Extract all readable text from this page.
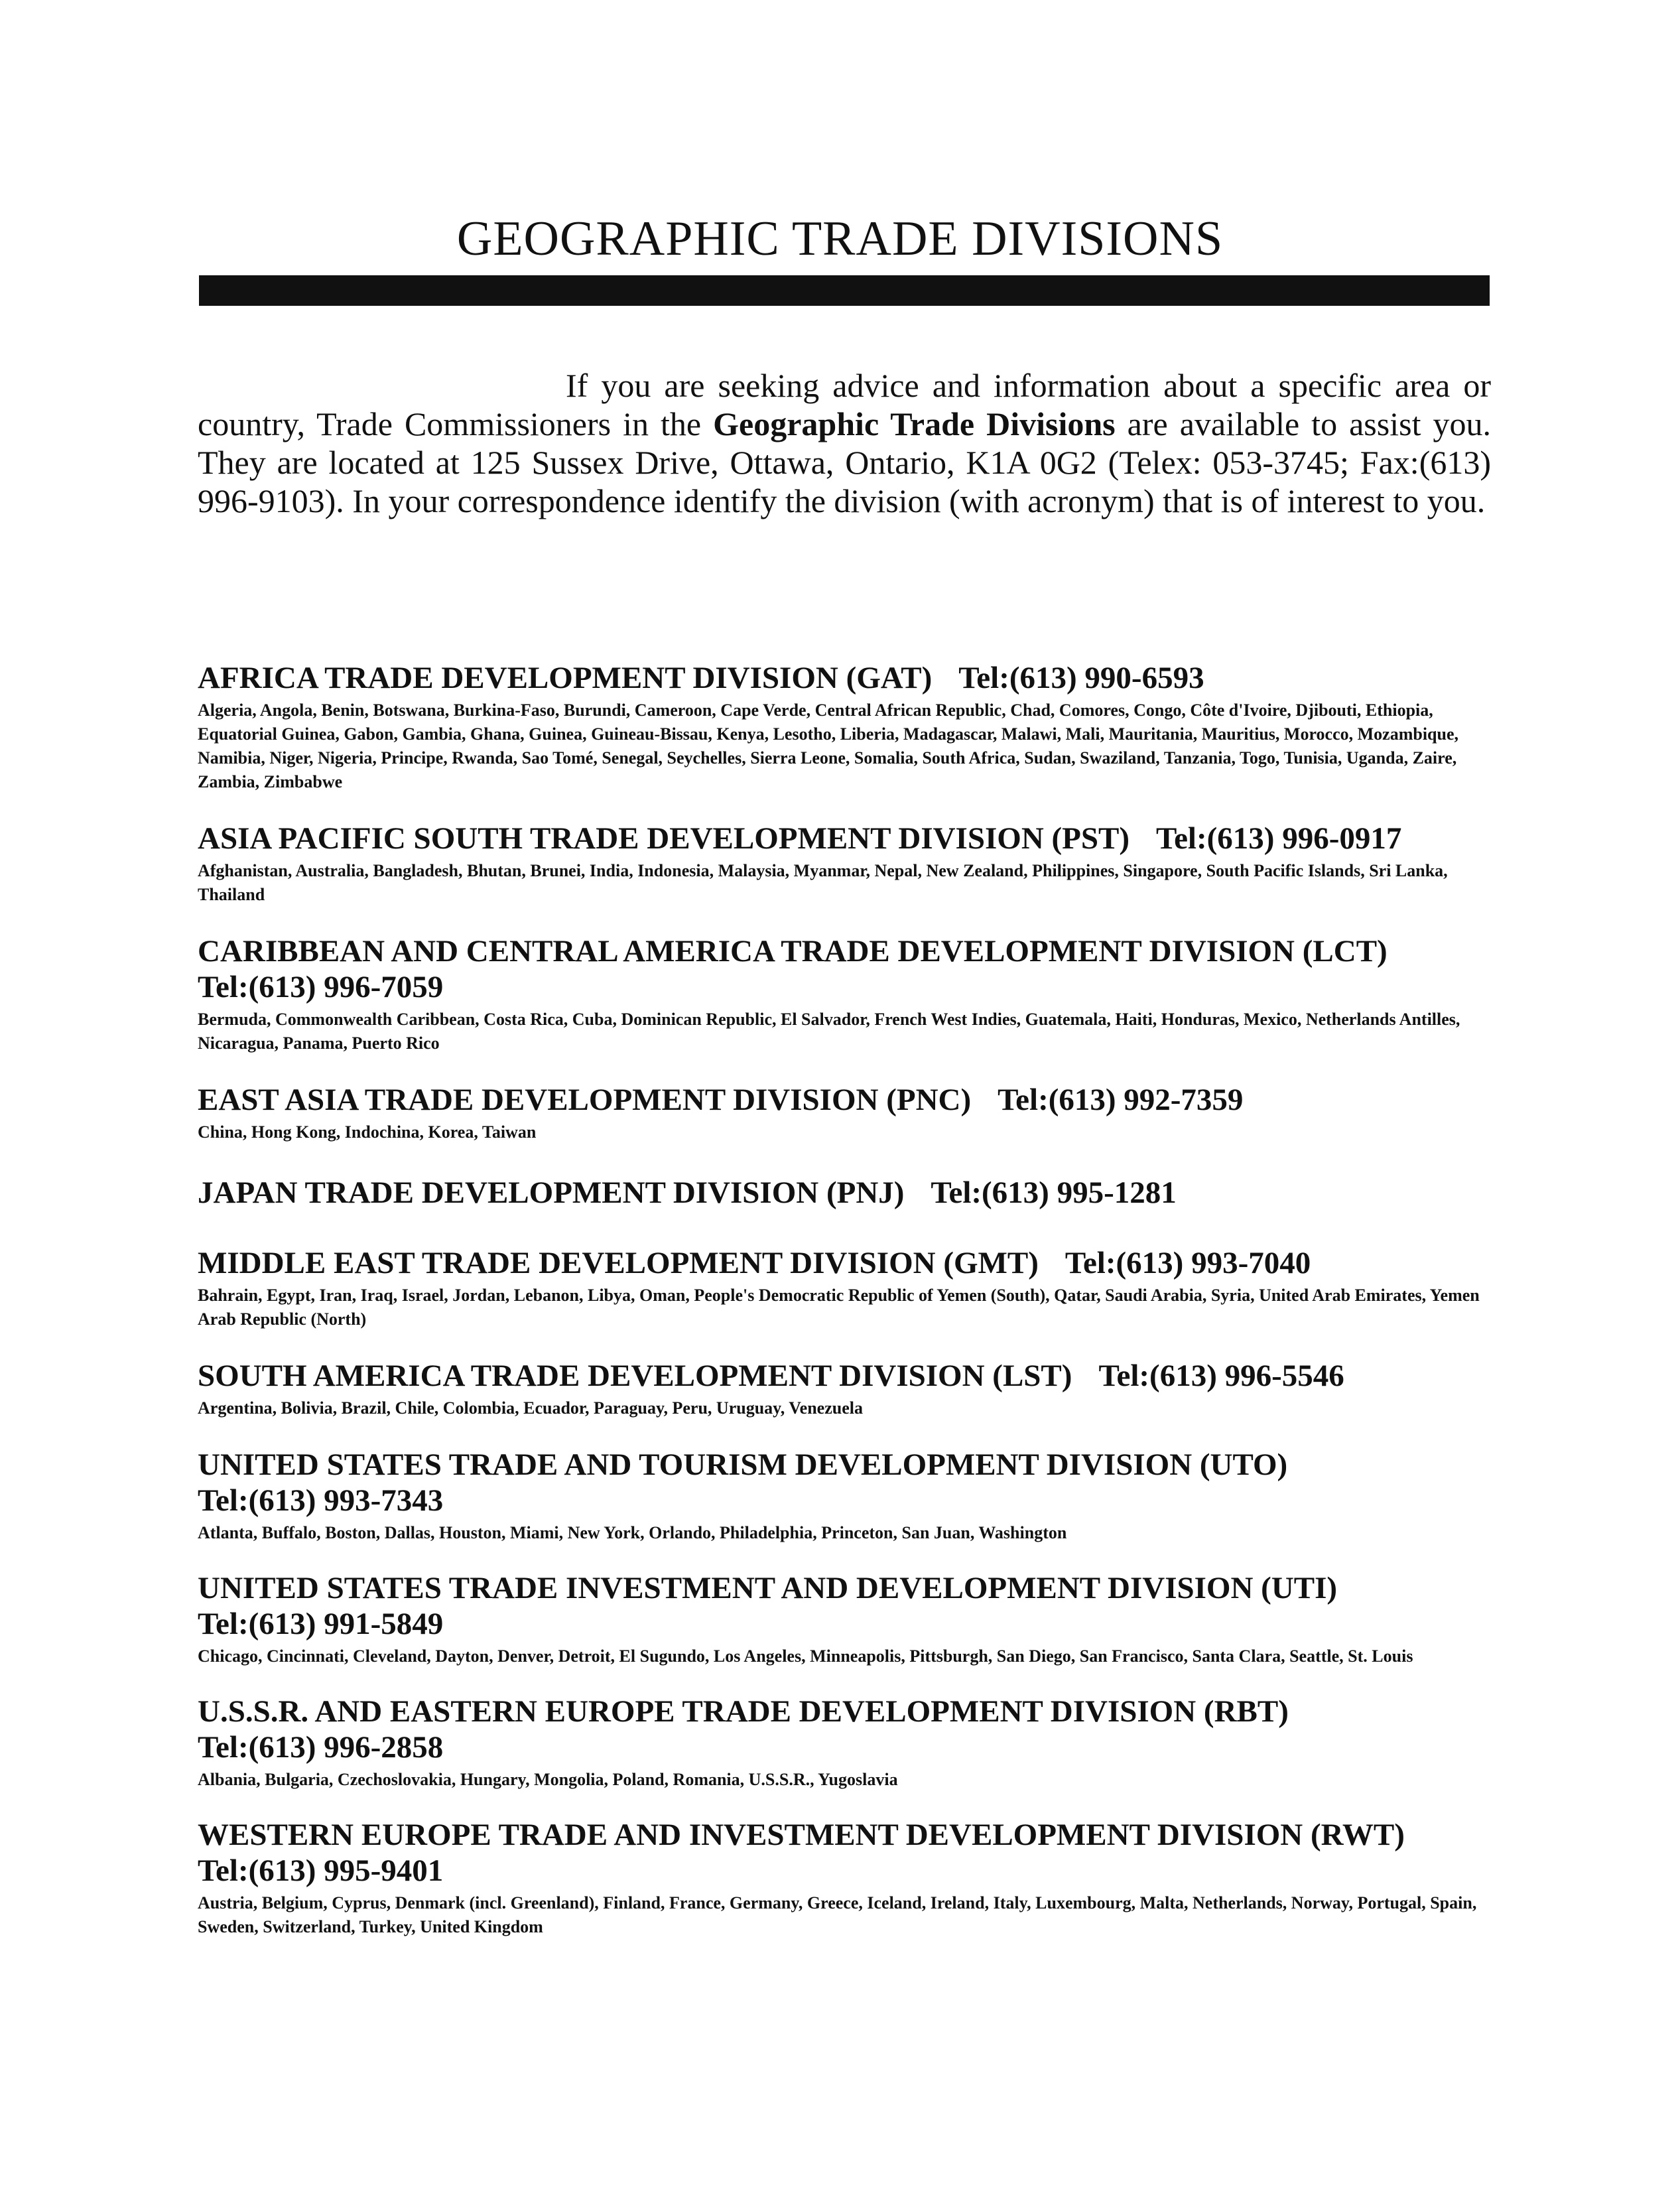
GEOGRAPHIC TRADE DIVISIONS

If you are seeking advice and information about a specific area or country, Trade Commissioners in the Geographic Trade Divisions are available to assist you. They are located at 125 Sussex Drive, Ottawa, Ontario, K1A 0G2 (Telex: 053-3745; Fax:(613) 996-9103). In your correspondence identify the division (with acronym) that is of interest to you.

AFRICA TRADE DEVELOPMENT DIVISION (GAT) Tel:(613) 990-6593
Algeria, Angola, Benin, Botswana, Burkina-Faso, Burundi, Cameroon, Cape Verde, Central African Republic, Chad, Comores, Congo, Côte d'Ivoire, Djibouti, Ethiopia, Equatorial Guinea, Gabon, Gambia, Ghana, Guinea, Guineau-Bissau, Kenya, Lesotho, Liberia, Madagascar, Malawi, Mali, Mauritania, Mauritius, Morocco, Mozambique, Namibia, Niger, Nigeria, Principe, Rwanda, Sao Tomé, Senegal, Seychelles, Sierra Leone, Somalia, South Africa, Sudan, Swaziland, Tanzania, Togo, Tunisia, Uganda, Zaire, Zambia, Zimbabwe
ASIA PACIFIC SOUTH TRADE DEVELOPMENT DIVISION (PST) Tel:(613) 996-0917
Afghanistan, Australia, Bangladesh, Bhutan, Brunei, India, Indonesia, Malaysia, Myanmar, Nepal, New Zealand, Philippines, Singapore, South Pacific Islands, Sri Lanka, Thailand
CARIBBEAN AND CENTRAL AMERICA TRADE DEVELOPMENT DIVISION (LCT)
Tel:(613) 996-7059
Bermuda, Commonwealth Caribbean, Costa Rica, Cuba, Dominican Republic, El Salvador, French West Indies, Guatemala, Haiti, Honduras, Mexico, Netherlands Antilles, Nicaragua, Panama, Puerto Rico
EAST ASIA TRADE DEVELOPMENT DIVISION (PNC) Tel:(613) 992-7359
China, Hong Kong, Indochina, Korea, Taiwan
JAPAN TRADE DEVELOPMENT DIVISION (PNJ) Tel:(613) 995-1281
MIDDLE EAST TRADE DEVELOPMENT DIVISION (GMT) Tel:(613) 993-7040
Bahrain, Egypt, Iran, Iraq, Israel, Jordan, Lebanon, Libya, Oman, People's Democratic Republic of Yemen (South), Qatar, Saudi Arabia, Syria, United Arab Emirates, Yemen Arab Republic (North)
SOUTH AMERICA TRADE DEVELOPMENT DIVISION (LST) Tel:(613) 996-5546
Argentina, Bolivia, Brazil, Chile, Colombia, Ecuador, Paraguay, Peru, Uruguay, Venezuela
UNITED STATES TRADE AND TOURISM DEVELOPMENT DIVISION (UTO)
Tel:(613) 993-7343
Atlanta, Buffalo, Boston, Dallas, Houston, Miami, New York, Orlando, Philadelphia, Princeton, San Juan, Washington
UNITED STATES TRADE INVESTMENT AND DEVELOPMENT DIVISION (UTI)
Tel:(613) 991-5849
Chicago, Cincinnati, Cleveland, Dayton, Denver, Detroit, El Sugundo, Los Angeles, Minneapolis, Pittsburgh, San Diego, San Francisco, Santa Clara, Seattle, St. Louis
U.S.S.R. AND EASTERN EUROPE TRADE DEVELOPMENT DIVISION (RBT)
Tel:(613) 996-2858
Albania, Bulgaria, Czechoslovakia, Hungary, Mongolia, Poland, Romania, U.S.S.R., Yugoslavia
WESTERN EUROPE TRADE AND INVESTMENT DEVELOPMENT DIVISION (RWT)
Tel:(613) 995-9401
Austria, Belgium, Cyprus, Denmark (incl. Greenland), Finland, France, Germany, Greece, Iceland, Ireland, Italy, Luxembourg, Malta, Netherlands, Norway, Portugal, Spain, Sweden, Switzerland, Turkey, United Kingdom
